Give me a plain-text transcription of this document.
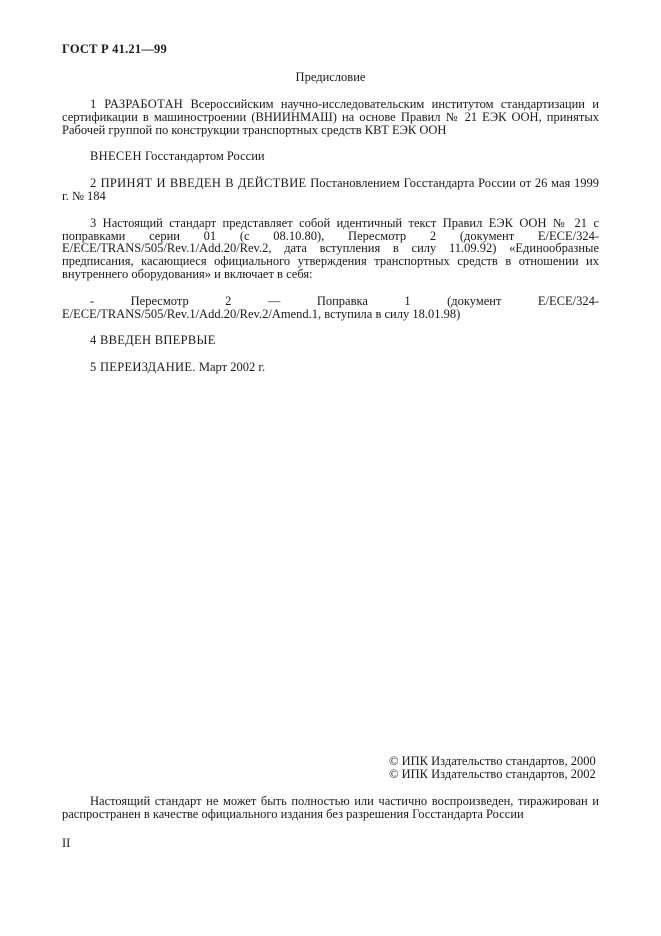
ГОСТ Р 41.21—99
Предисловие

1 РАЗРАБОТАН Всероссийским научно-исследовательским институтом стандартизации и сертификации в машиностроении (ВНИИНМАШ) на основе Правил № 21 ЕЭК ООН, принятых Рабочей группой по конструкции транспортных средств КВТ ЕЭК ООН

ВНЕСЕН Госстандартом России

2 ПРИНЯТ И ВВЕДЕН В ДЕЙСТВИЕ Постановлением Госстандарта России от 26 мая 1999 г. № 184

3 Настоящий стандарт представляет собой идентичный текст Правил ЕЭК ООН № 21 с поправками серии 01 (с 08.10.80), Пересмотр 2 (документ E/ECE/324-E/ECE/TRANS/505/Rev.1/Add.20/Rev.2, дата вступления в силу 11.09.92) «Единообразные предписания, касающиеся официального утверждения транспортных средств в отношении их внутреннего оборудования» и включает в себя:

- Пересмотр 2 — Поправка 1 (документ E/ECE/324-E/ECE/TRANS/505/Rev.1/Add.20/Rev.2/Amend.1, вступила в силу 18.01.98)

4 ВВЕДЕН ВПЕРВЫЕ

5 ПЕРЕИЗДАНИЕ. Март 2002 г.

© ИПК Издательство стандартов, 2000
© ИПК Издательство стандартов, 2002

Настоящий стандарт не может быть полностью или частично воспроизведен, тиражирован и распространен в качестве официального издания без разрешения Госстандарта России

II
